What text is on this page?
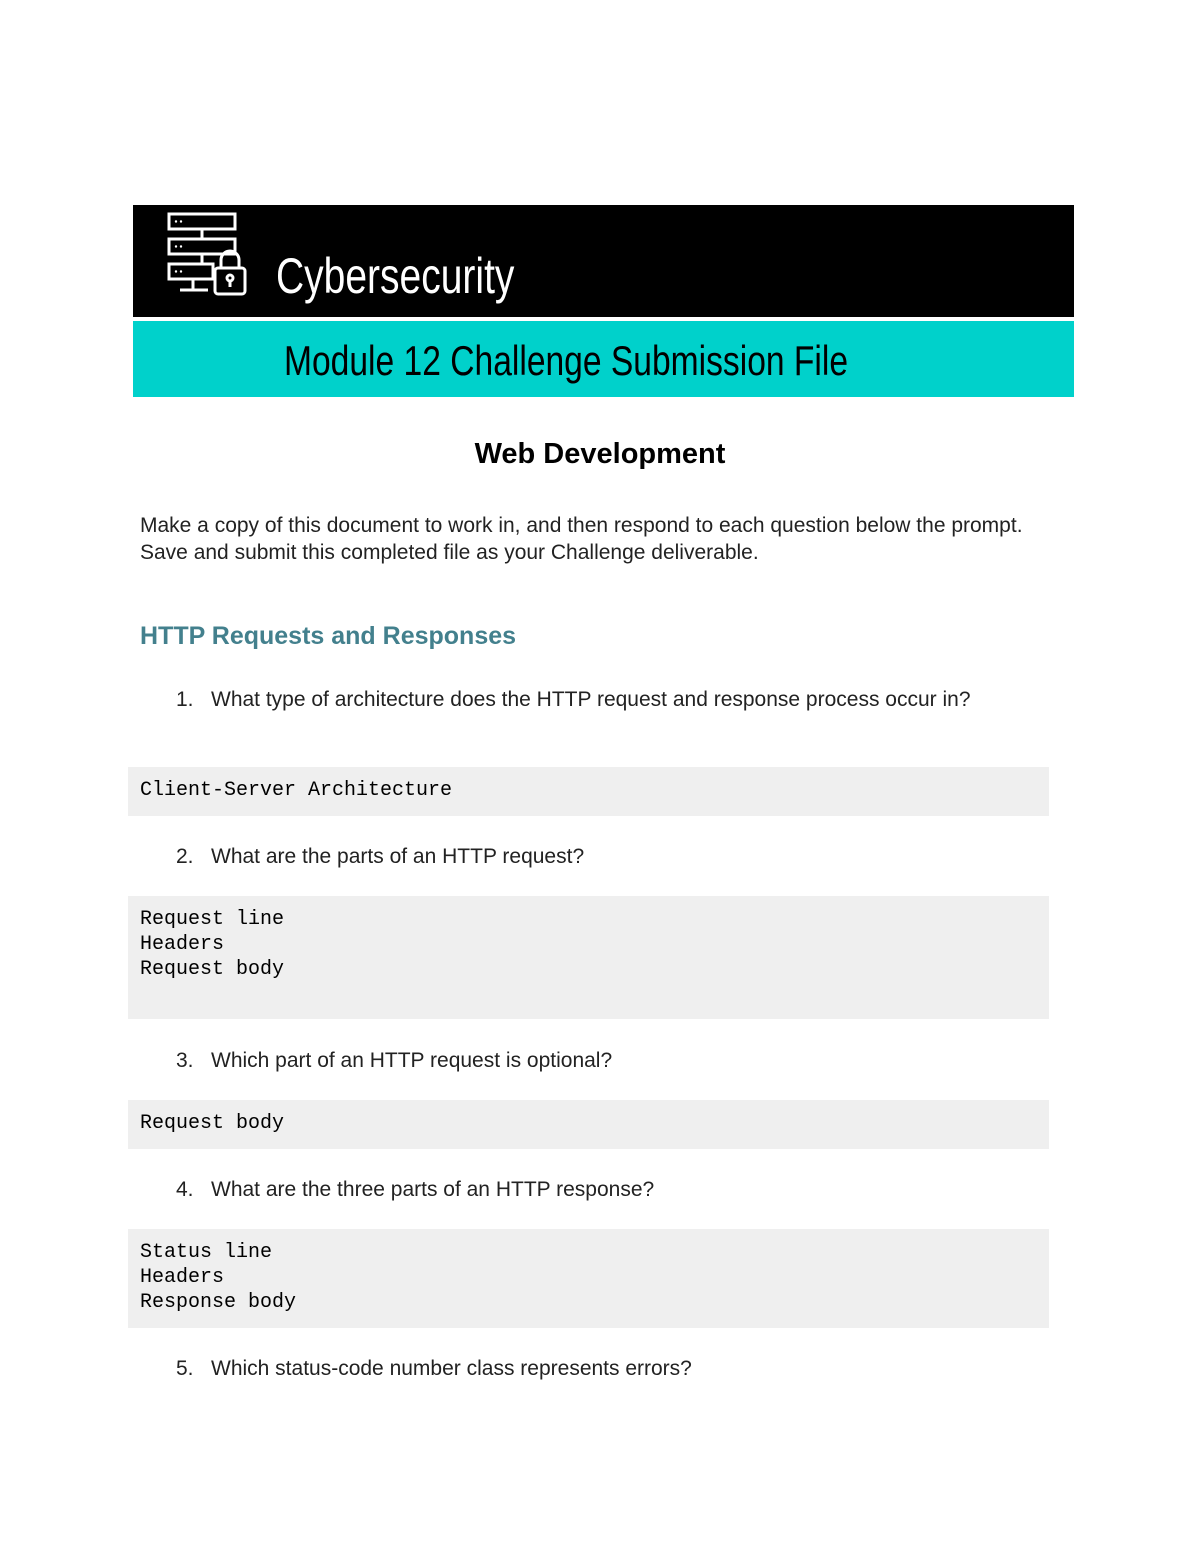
Cybersecurity
Module 12 Challenge Submission File
Web Development
Make a copy of this document to work in, and then respond to each question below the prompt. Save and submit this completed file as your Challenge deliverable.
HTTP Requests and Responses
1. What type of architecture does the HTTP request and response process occur in?
Client-Server Architecture
2. What are the parts of an HTTP request?
Request line
Headers
Request body
3. Which part of an HTTP request is optional?
Request body
4. What are the three parts of an HTTP response?
Status line
Headers
Response body
5. Which status-code number class represents errors?
